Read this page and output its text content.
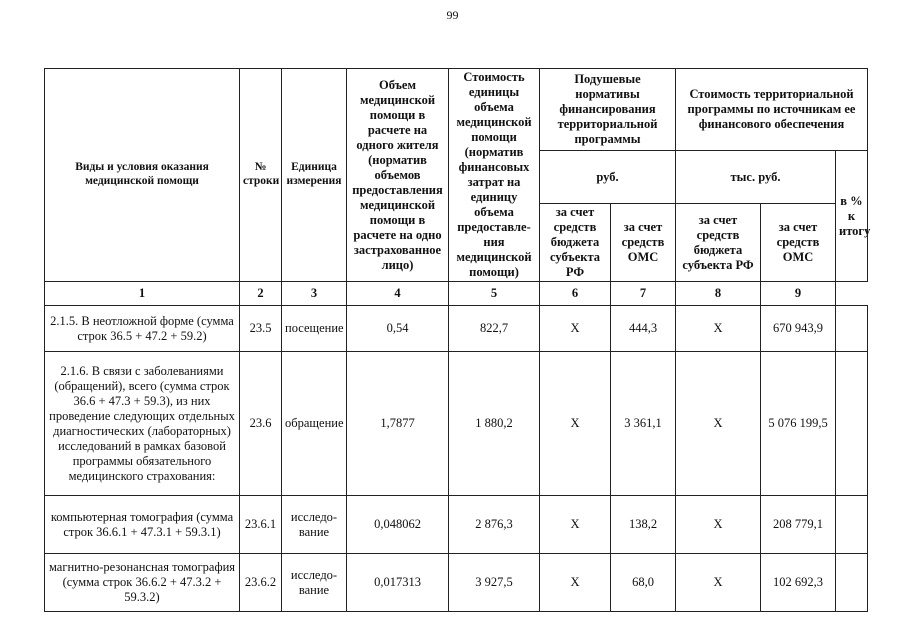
99
Виды и условия оказания медицинской помощи	№ строки	Единица измерения	Объем медицинской помощи в расчете на одного жителя (норматив объемов предоставления медицинской помощи в расчете на одно застрахованное лицо)	Стоимость единицы объема медицинской помощи (норматив финансовых затрат на единицу объема предоставле-ния медицинской помощи)	Подушевые нормативы финансирования территориальной программы		Стоимость территориальной программы по источникам ее финансового обеспечения		
					руб.		тыс. руб.		в % к итогу
					за счет средств бюджета субъекта РФ	за счет средств ОМС	за счет средств бюджета субъекта РФ	за счет средств ОМС	
1	2	3	4	5	6	7	8	9	
2.1.5. В неотложной форме (сумма строк 36.5 + 47.2 + 59.2)	23.5	посещение	0,54	822,7	X	444,3	X	670 943,9	
2.1.6. В связи с заболеваниями (обращений), всего (сумма строк 36.6 + 47.3 + 59.3), из них проведение следующих отдельных диагностических (лабораторных) исследований в рамках базовой программы обязательного медицинского страхования:	23.6	обращение	1,7877	1 880,2	X	3 361,1	X	5 076 199,5	
компьютерная томография (сумма строк 36.6.1 + 47.3.1 + 59.3.1)	23.6.1	исследо-вание	0,048062	2 876,3	X	138,2	X	208 779,1	
магнитно-резонансная томография (сумма строк 36.6.2 + 47.3.2 + 59.3.2)	23.6.2	исследо-вание	0,017313	3 927,5	X	68,0	X	102 692,3	
